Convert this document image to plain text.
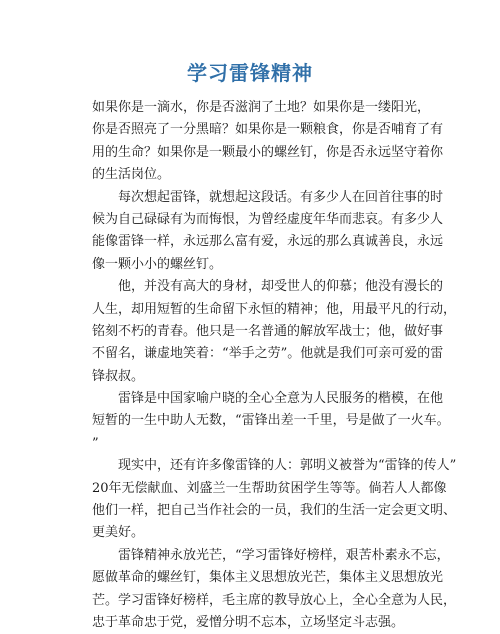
学习雷锋精神
如果你是一滴水，你是否滋润了土地？如果你是一缕阳光，
你是否照亮了一分黑暗？如果你是一颗粮食，你是否哺育了有
用的生命？如果你是一颗最小的螺丝钉，你是否永远坚守着你
的生活岗位。
每次想起雷锋，就想起这段话。有多少人在回首往事的时
候为自己碌碌有为而悔恨，为曾经虚度年华而悲哀。有多少人
能像雷锋一样，永远那么富有爱，永远的那么真诚善良，永远
像一颗小小的螺丝钉。
他，并没有高大的身材，却受世人的仰慕；他没有漫长的
人生，却用短暂的生命留下永恒的精神；他，用最平凡的行动，
铭刻不朽的青春。他只是一名普通的解放军战士；他，做好事
不留名，谦虚地笑着：“举手之劳”。他就是我们可亲可爱的雷
锋叔叔。
雷锋是中国家喻户晓的全心全意为人民服务的楷模，在他
短暂的一生中助人无数，“雷锋出差一千里，号是做了一火车。
”
现实中，还有许多像雷锋的人：郭明义被誉为“雷锋的传人”
20年无偿献血、刘盛兰一生帮助贫困学生等等。倘若人人都像
他们一样，把自己当作社会的一员，我们的生活一定会更文明、
更美好。
雷锋精神永放光芒，“学习雷锋好榜样，艰苦朴素永不忘，
愿做革命的螺丝钉，集体主义思想放光芒，集体主义思想放光
芒。学习雷锋好榜样，毛主席的教导放心上，全心全意为人民，
忠于革命忠于党，爱憎分明不忘本，立场坚定斗志强。
